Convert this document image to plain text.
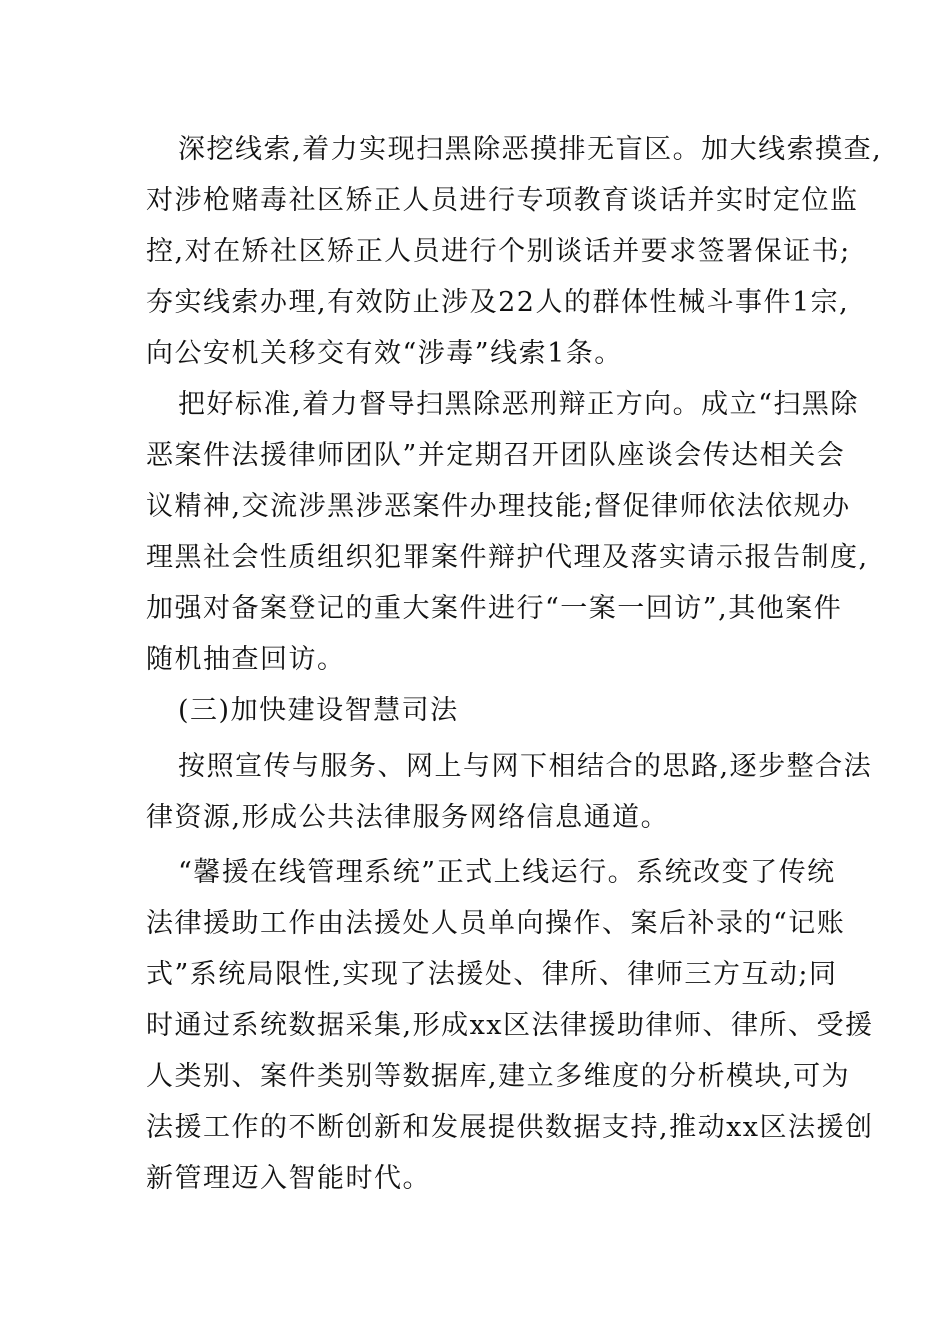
深挖线索,着力实现扫黑除恶摸排无盲区。加大线索摸查,
对涉枪赌毒社区矫正人员进行专项教育谈话并实时定位监
控,对在矫社区矫正人员进行个别谈话并要求签署保证书;
夯实线索办理,有效防止涉及22人的群体性械斗事件1宗,
向公安机关移交有效“涉毒”线索1条。
把好标准,着力督导扫黑除恶刑辩正方向。成立“扫黑除
恶案件法援律师团队”并定期召开团队座谈会传达相关会
议精神,交流涉黑涉恶案件办理技能;督促律师依法依规办
理黑社会性质组织犯罪案件辩护代理及落实请示报告制度,
加强对备案登记的重大案件进行“一案一回访”,其他案件
随机抽查回访。
(三)加快建设智慧司法
按照宣传与服务、网上与网下相结合的思路,逐步整合法
律资源,形成公共法律服务网络信息通道。
“馨援在线管理系统”正式上线运行。系统改变了传统
法律援助工作由法援处人员单向操作、案后补录的“记账
式”系统局限性,实现了法援处、律所、律师三方互动;同
时通过系统数据采集,形成xx区法律援助律师、律所、受援
人类别、案件类别等数据库,建立多维度的分析模块,可为
法援工作的不断创新和发展提供数据支持,推动xx区法援创
新管理迈入智能时代。
